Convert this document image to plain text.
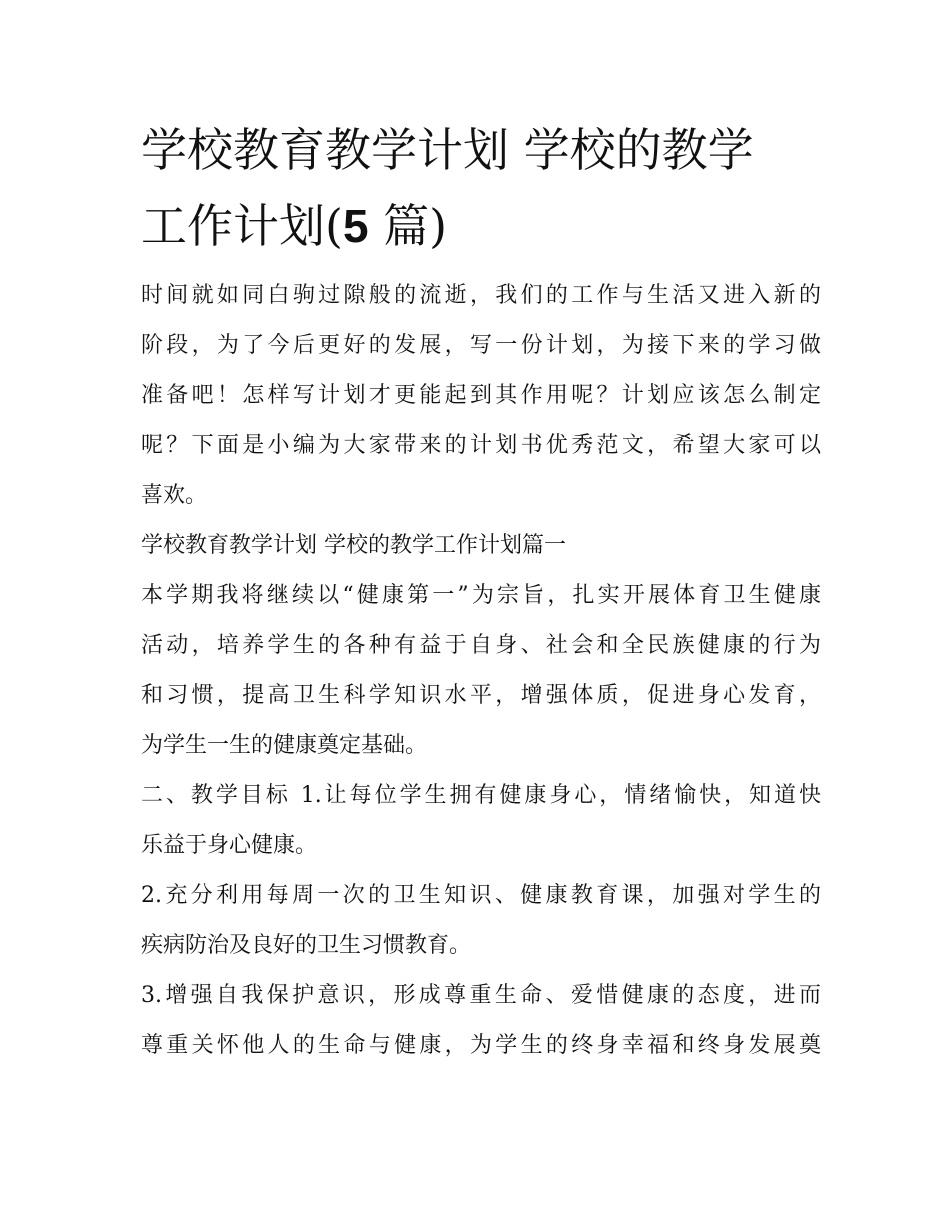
学校教育教学计划 学校的教学
工作计划(5 篇)
时间就如同白驹过隙般的流逝，我们的工作与生活又进入新的
阶段，为了今后更好的发展，写一份计划，为接下来的学习做
准备吧！怎样写计划才更能起到其作用呢？计划应该怎么制定
呢？下面是小编为大家带来的计划书优秀范文，希望大家可以
喜欢。
学校教育教学计划 学校的教学工作计划篇一
本学期我将继续以“健康第一”为宗旨，扎实开展体育卫生健康
活动，培养学生的各种有益于自身、社会和全民族健康的行为
和习惯，提高卫生科学知识水平，增强体质，促进身心发育，
为学生一生的健康奠定基础。
二、教学目标 1.让每位学生拥有健康身心，情绪愉快，知道快
乐益于身心健康。
2.充分利用每周一次的卫生知识、健康教育课，加强对学生的
疾病防治及良好的卫生习惯教育。
3.增强自我保护意识，形成尊重生命、爱惜健康的态度，进而
尊重关怀他人的生命与健康，为学生的终身幸福和终身发展奠
